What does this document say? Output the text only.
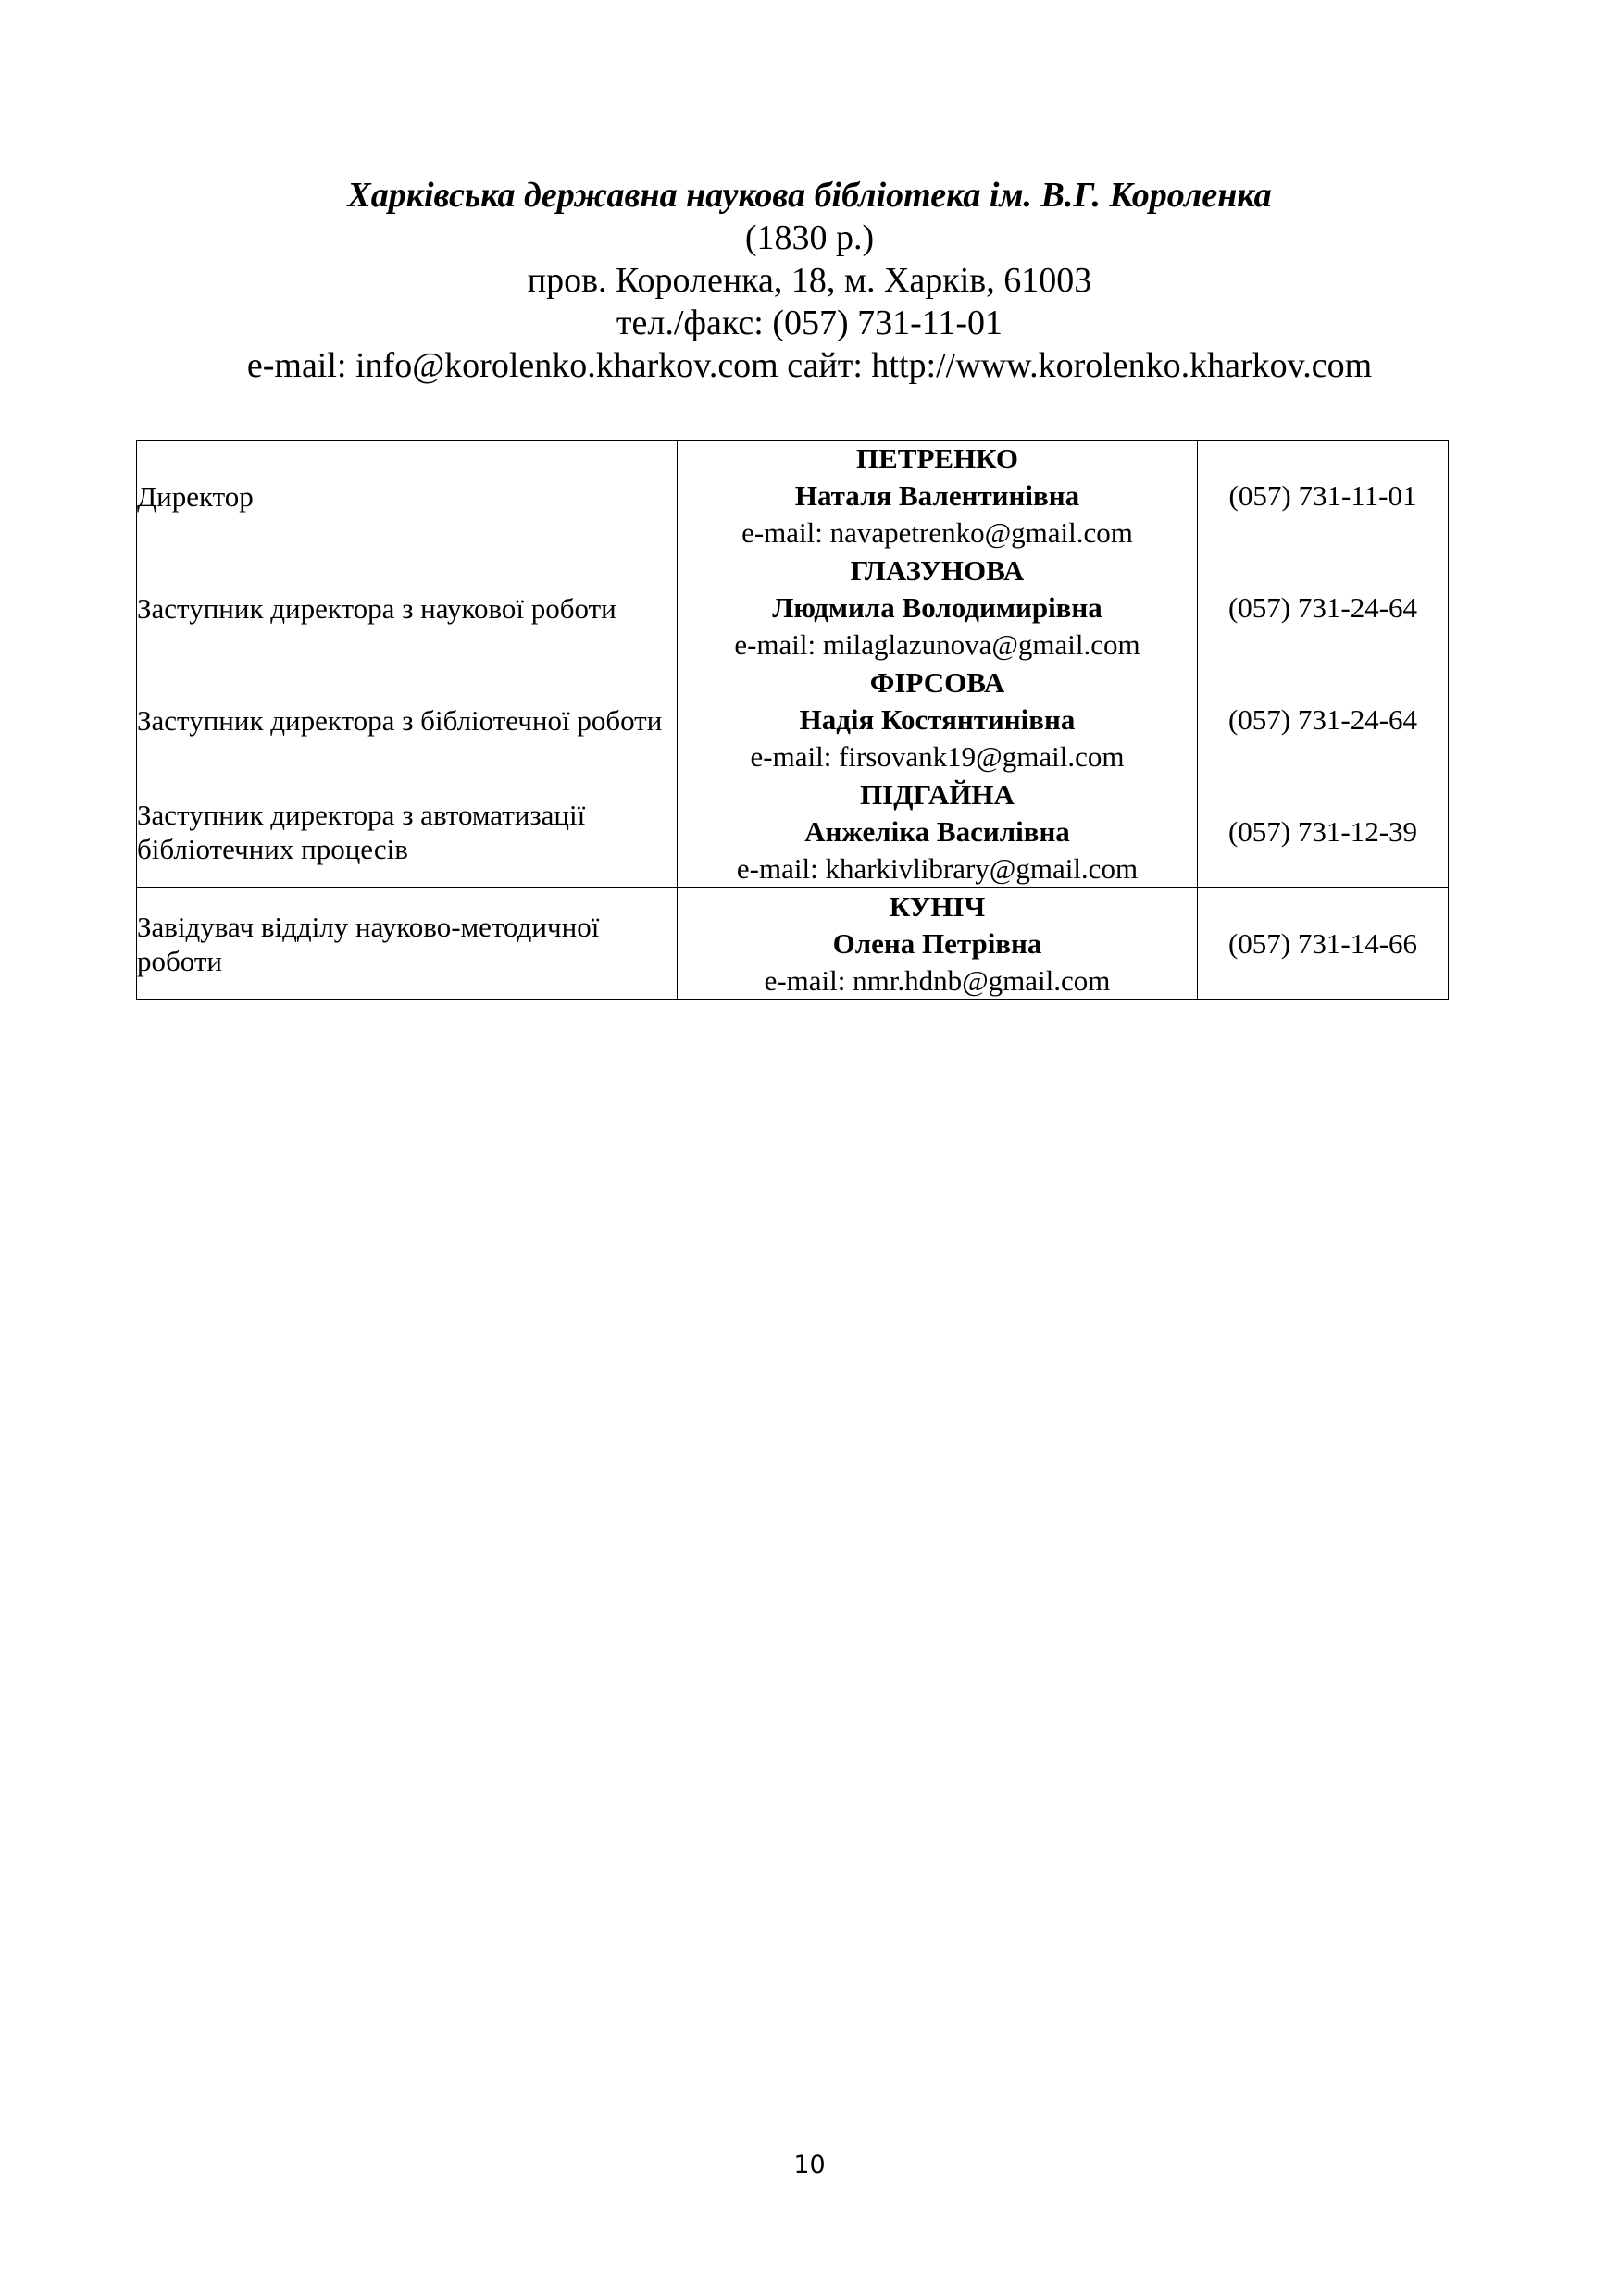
Харківська державна наукова бібліотека ім. В.Г. Короленка

(1830 р.)

пров. Короленка, 18, м. Харків, 61003

тел./факс: (057) 731-11-01

e-mail: info@korolenko.kharkov.com сайт: http://www.korolenko.kharkov.com

Директор	ПЕТРЕНКО
Наталя Валентинівна
e-mail: navapetrenko@gmail.com	(057) 731-11-01
Заступник директора з наукової роботи	ГЛАЗУНОВА
Людмила Володимирівна
e-mail: milaglazunova@gmail.com	(057) 731-24-64
Заступник директора з бібліотечної роботи	ФІРСОВА
Надія Костянтинівна
e-mail: firsovank19@gmail.com	(057) 731-24-64
Заступник директора з автоматизації бібліотечних процесів	ПІДГАЙНА
Анжеліка Василівна
e-mail: kharkivlibrary@gmail.com	(057) 731-12-39
Завідувач відділу науково-методичної роботи	КУНІЧ
Олена Петрівна
e-mail: nmr.hdnb@gmail.com	(057) 731-14-66
10
